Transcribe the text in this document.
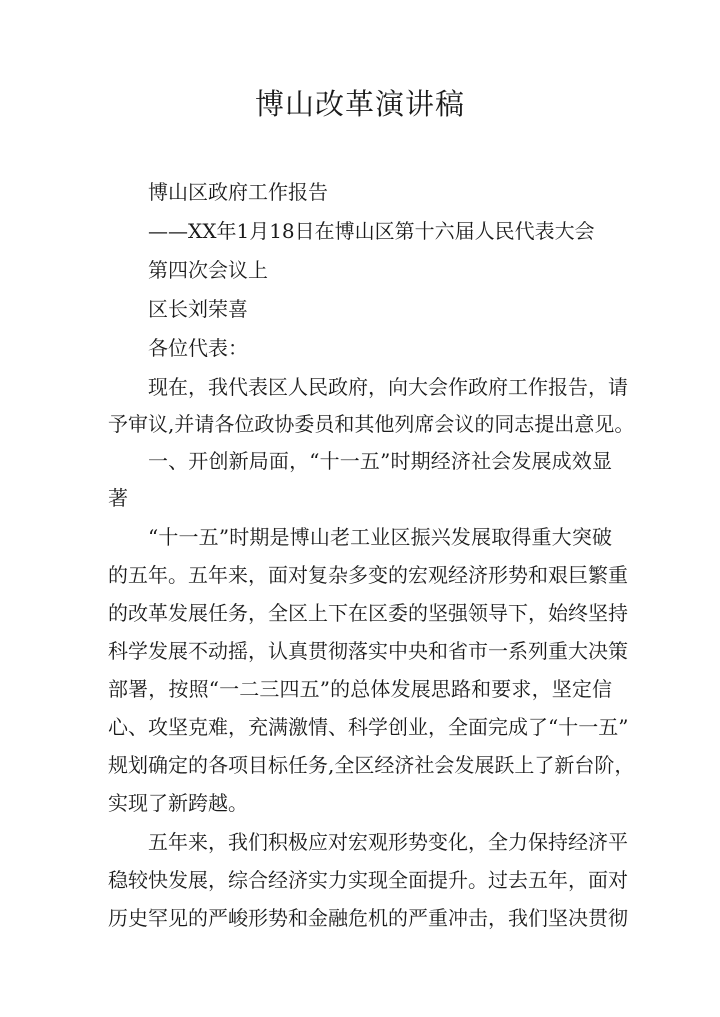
博山改革演讲稿
博山区政府工作报告
——XX年1月18日在博山区第十六届人民代表大会
第四次会议上
区长刘荣喜
各位代表：
现在，我代表区人民政府，向大会作政府工作报告，请
予审议,并请各位政协委员和其他列席会议的同志提出意见。
一、开创新局面，“十一五”时期经济社会发展成效显
著
“十一五”时期是博山老工业区振兴发展取得重大突破
的五年。五年来，面对复杂多变的宏观经济形势和艰巨繁重
的改革发展任务，全区上下在区委的坚强领导下，始终坚持
科学发展不动摇，认真贯彻落实中央和省市一系列重大决策
部署，按照“一二三四五”的总体发展思路和要求，坚定信
心、攻坚克难，充满激情、科学创业，全面完成了“十一五”
规划确定的各项目标任务,全区经济社会发展跃上了新台阶，
实现了新跨越。
五年来，我们积极应对宏观形势变化，全力保持经济平
稳较快发展，综合经济实力实现全面提升。过去五年，面对
历史罕见的严峻形势和金融危机的严重冲击，我们坚决贯彻
